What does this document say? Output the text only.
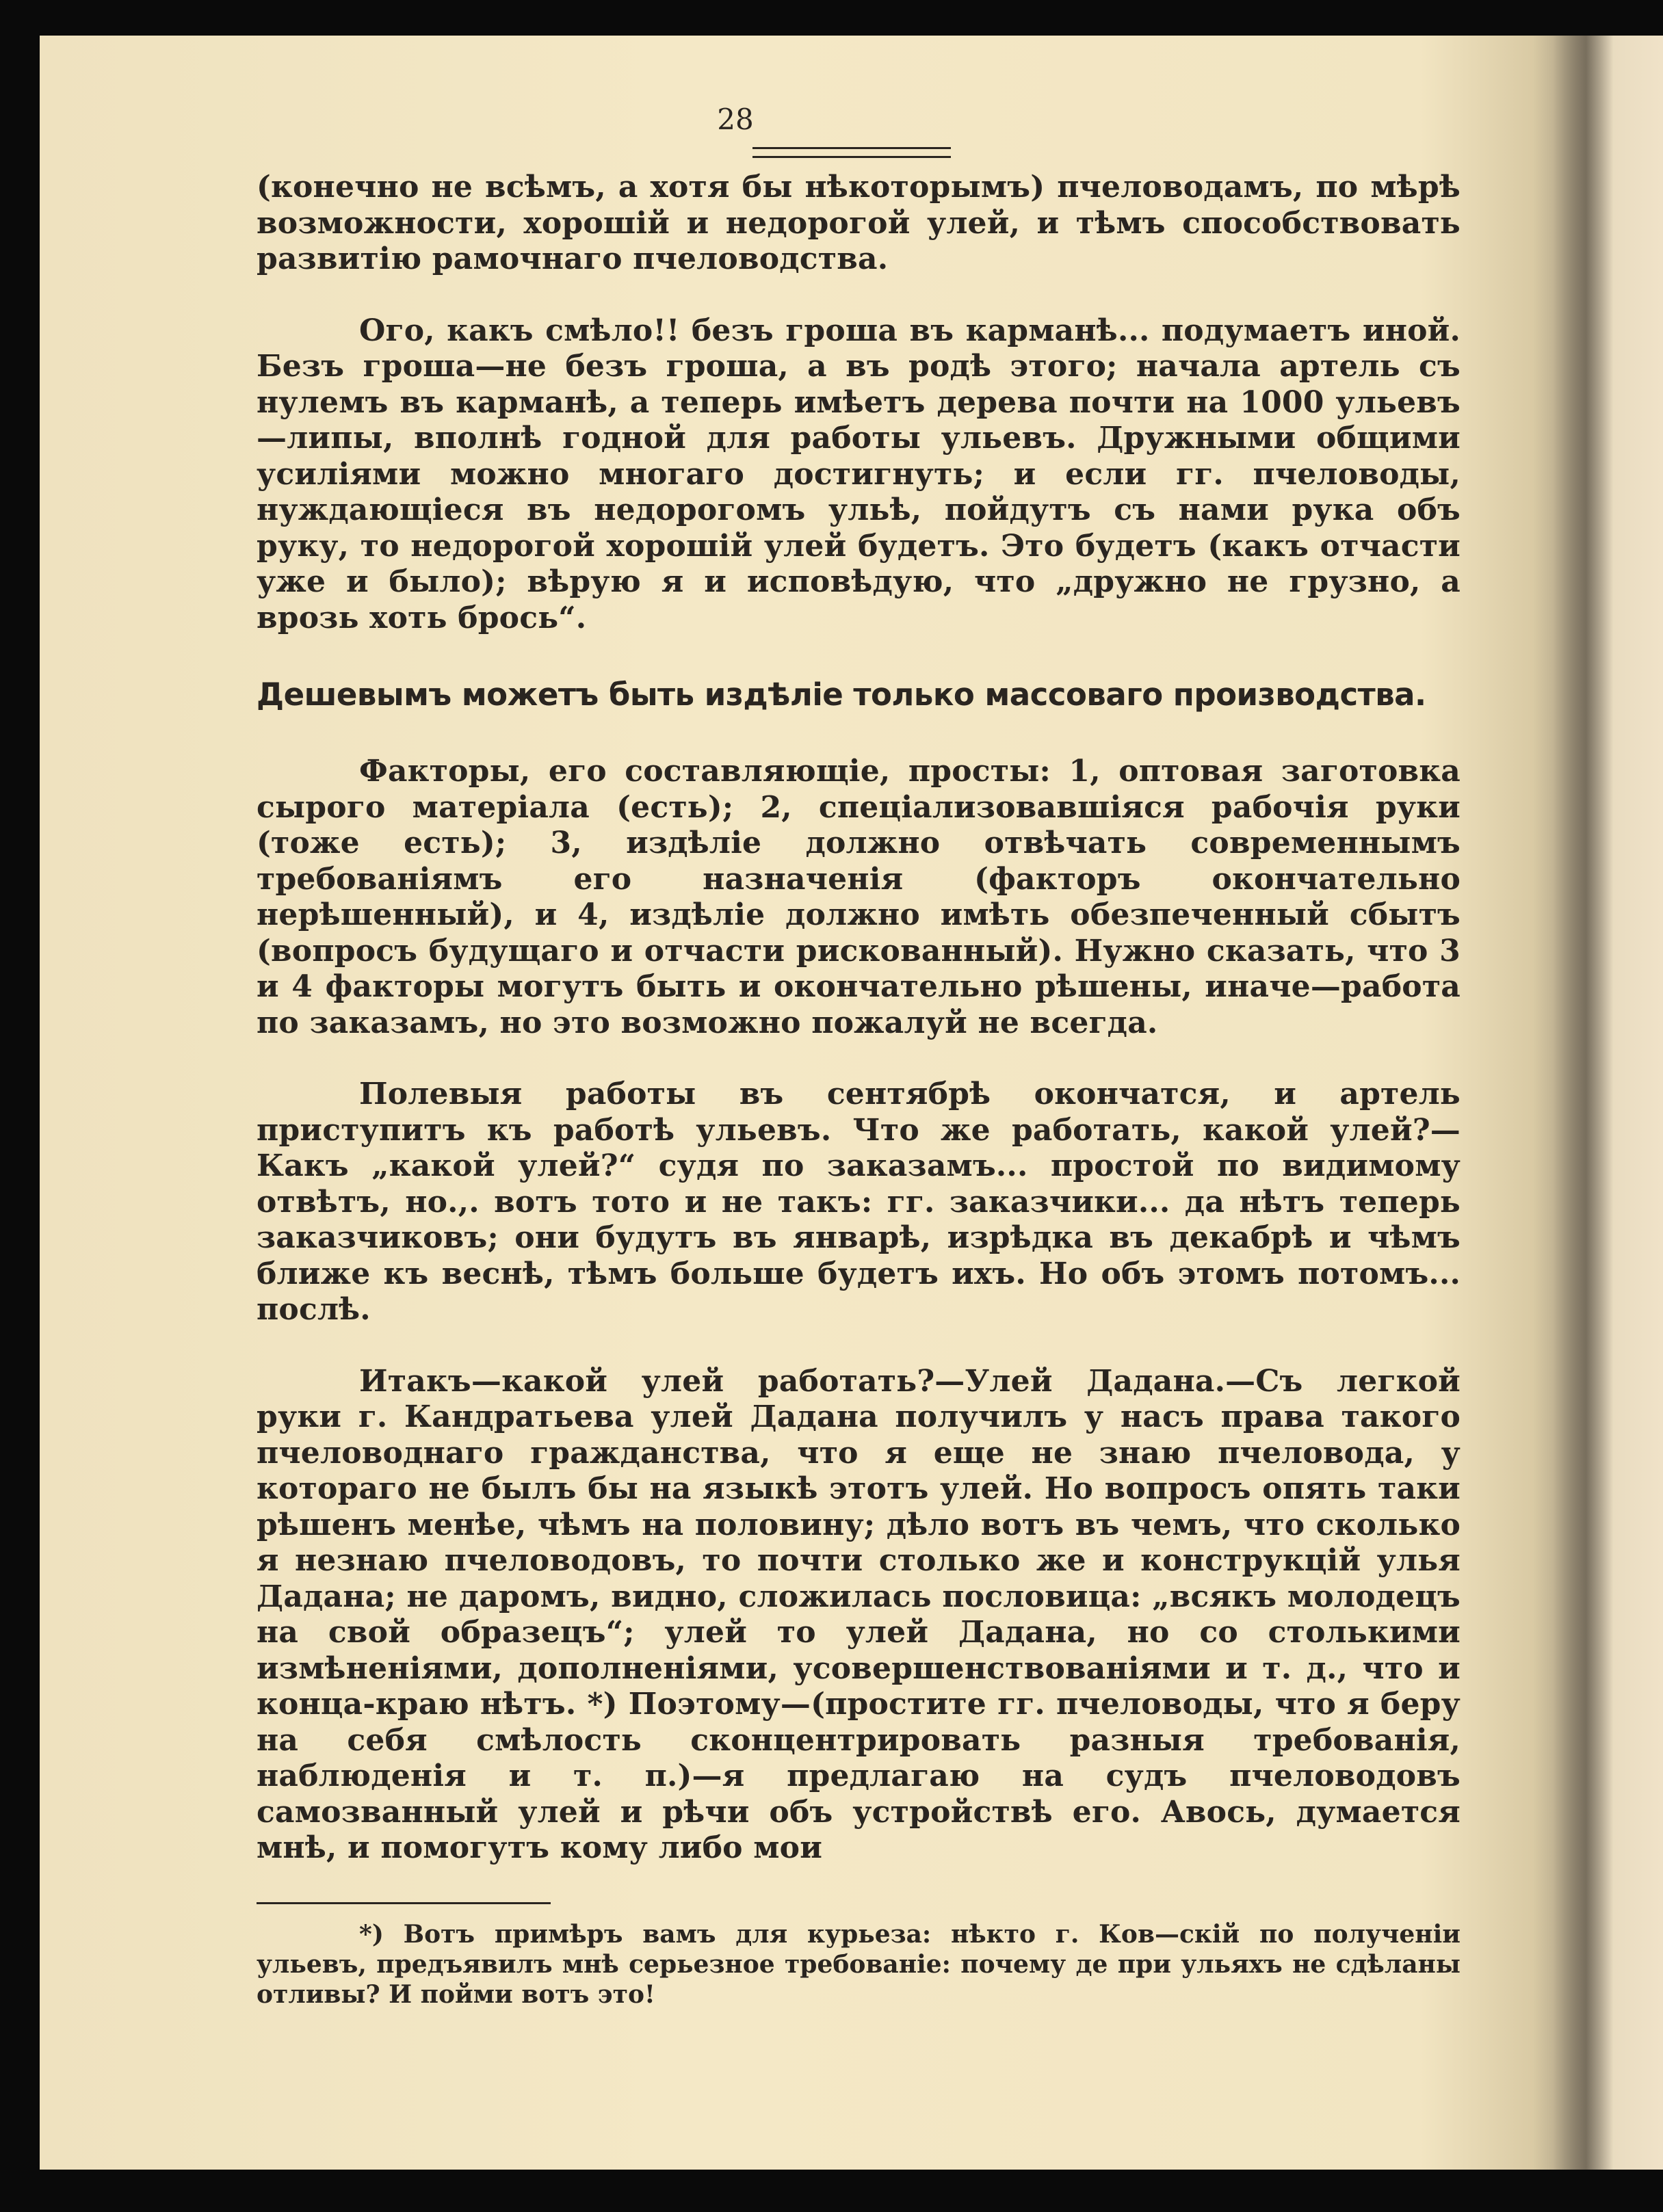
28

(конечно не всѣмъ, а хотя бы нѣкоторымъ) пчеловодамъ, по мѣрѣ возможности, хорошій и недорогой улей, и тѣмъ способствовать развитію рамочнаго пчеловодства.

Ого, какъ смѣло!! безъ гроша въ карманѣ... подумаетъ иной. Безъ гроша—не безъ гроша, а въ родѣ этого; начала артель съ нулемъ въ карманѣ, а теперь имѣетъ дерева почти на 1000 ульевъ—липы, вполнѣ годной для работы ульевъ. Дружными общими усиліями можно многаго достигнуть; и если гг. пчеловоды, нуждающіеся въ недорогомъ ульѣ, пойдутъ съ нами рука объ руку, то недорогой хорошій улей будетъ. Это будетъ (какъ отчасти уже и было); вѣрую я и исповѣдую, что „дружно не грузно, а врозь хоть брось“.

Дешевымъ можетъ быть издѣліе только массоваго производства.

Факторы, его составляющіе, просты: 1, оптовая заготовка сырого матеріала (есть); 2, спеціализовавшіяся рабочія руки (тоже есть); 3, издѣліе должно отвѣчать современнымъ требованіямъ его назначенія (факторъ окончательно нерѣшенный), и 4, издѣліе должно имѣть обезпеченный сбытъ (вопросъ будущаго и отчасти рискованный). Нужно сказать, что 3 и 4 факторы могутъ быть и окончательно рѣшены, иначе—работа по заказамъ, но это возможно пожалуй не всегда.

Полевыя работы въ сентябрѣ окончатся, и артель приступитъ къ работѣ ульевъ. Что же работать, какой улей?—Какъ „какой улей?“ судя по заказамъ... простой по видимому отвѣтъ, но.,. вотъ тото и не такъ: гг. заказчики... да нѣтъ теперь заказчиковъ; они будутъ въ январѣ, изрѣдка въ декабрѣ и чѣмъ ближе къ веснѣ, тѣмъ больше будетъ ихъ. Но объ этомъ потомъ... послѣ.

Итакъ—какой улей работать?—Улей Дадана.—Съ легкой руки г. Кандратьева улей Дадана получилъ у насъ права такого пчеловоднаго гражданства, что я еще не знаю пчеловода, у котораго не былъ бы на языкѣ этотъ улей. Но вопросъ опять таки рѣшенъ менѣе, чѣмъ на половину; дѣло вотъ въ чемъ, что сколько я незнаю пчеловодовъ, то почти столько же и конструкцій улья Дадана; не даромъ, видно, сложилась пословица: „всякъ молодецъ на свой образецъ“; улей то улей Дадана, но со столькими измѣненіями, дополненіями, усовершенствованіями и т. д., что и конца-краю нѣтъ. *) Поэтому—(простите гг. пчеловоды, что я беру на себя смѣлость сконцентрировать разныя требованія, наблюденія и т. п.)—я предлагаю на судъ пчеловодовъ самозванный улей и рѣчи объ устройствѣ его. Авось, думается мнѣ, и помогутъ кому либо мои

*) Вотъ примѣръ вамъ для курьеза: нѣкто г. Ков—скій по полученіи ульевъ, предъявилъ мнѣ серьезное требованіе: почему де при ульяхъ не сдѣланы отливы? И пойми вотъ это!
